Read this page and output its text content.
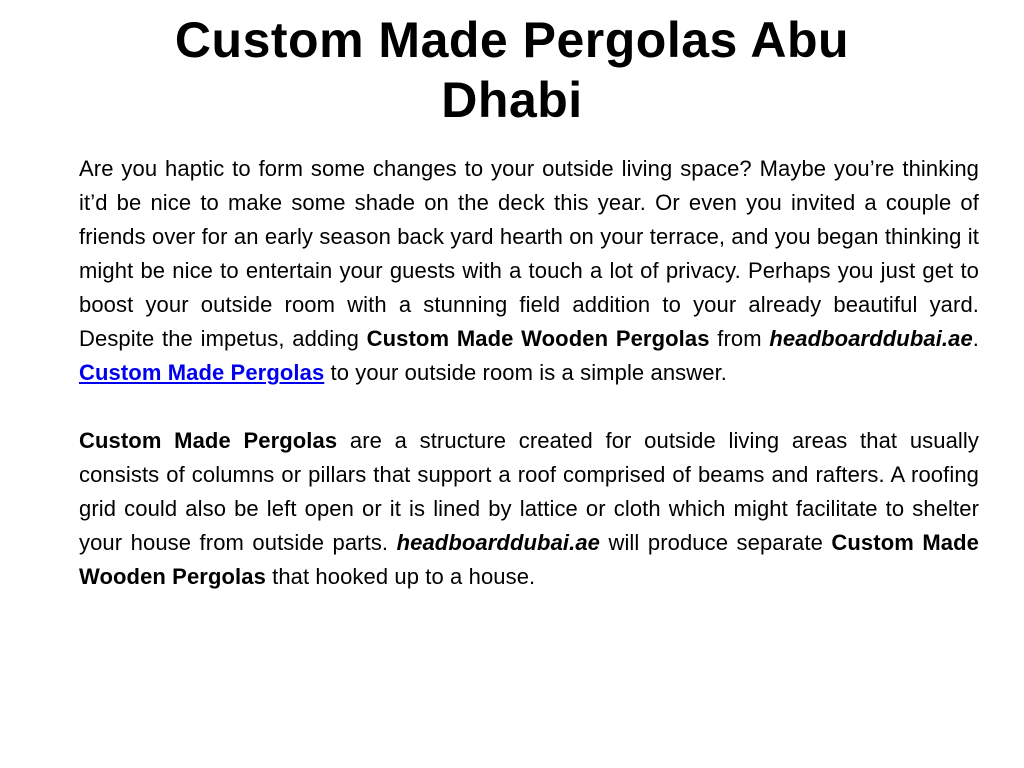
Custom Made Pergolas Abu
Dhabi

Are you haptic to form some changes to your outside living space? Maybe you’re thinking it’d be nice to make some shade on the deck this year. Or even you invited a couple of friends over for an early season back yard hearth on your terrace, and you began thinking it might be nice to entertain your guests with a touch a lot of privacy. Perhaps you just get to boost your outside room with a stunning field addition to your already beautiful yard. Despite the impetus, adding Custom Made Wooden Pergolas from headboarddubai.ae. Custom Made Pergolas to your outside room is a simple answer.

Custom Made Pergolas are a structure created for outside living areas that usually consists of columns or pillars that support a roof comprised of beams and rafters. A roofing grid could also be left open or it is lined by lattice or cloth which might facilitate to shelter your house from outside parts. headboarddubai.ae will produce separate Custom Made Wooden Pergolas that hooked up to a house.
